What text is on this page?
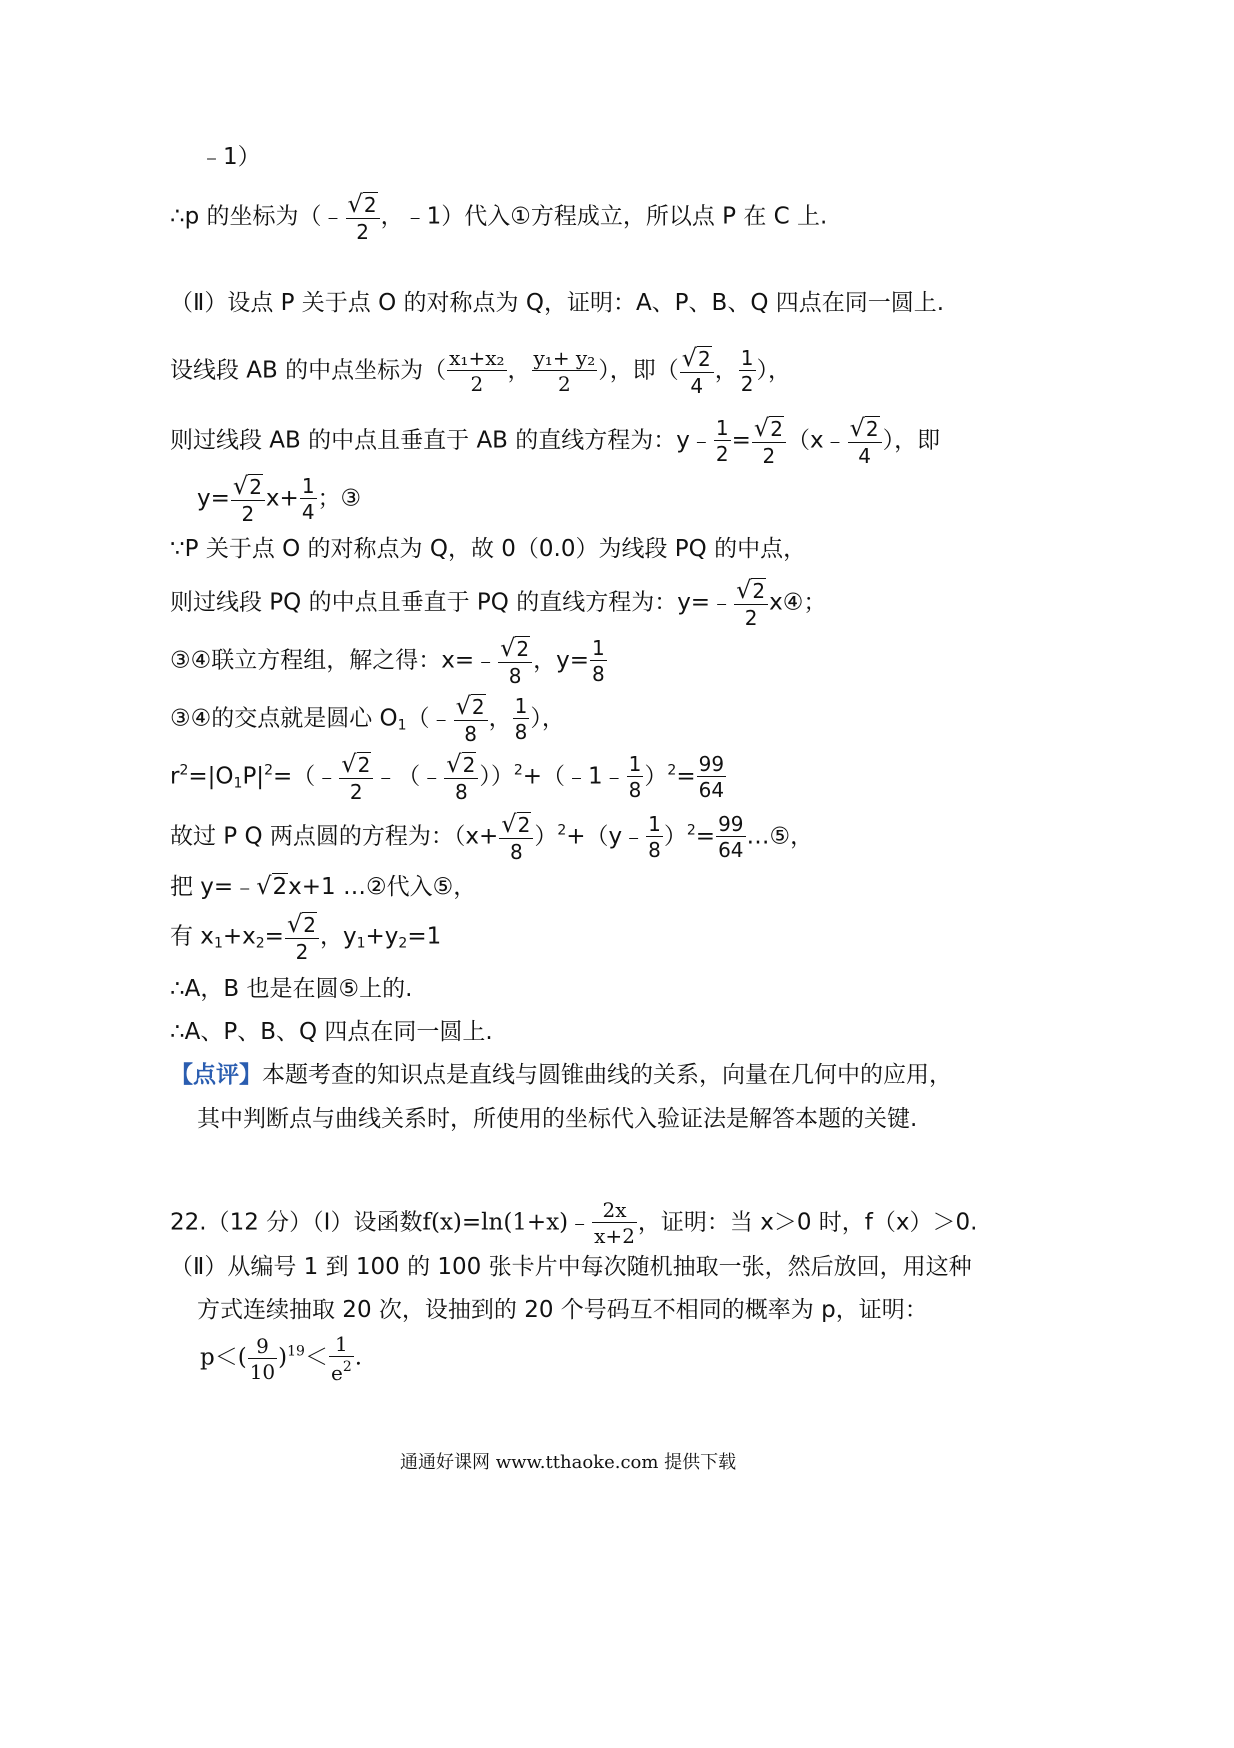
﹣1）
∴p 的坐标为（﹣ $\frac{√2}{2}$ ，﹣1）代入①方程成立，所以点 P 在 C 上.
（Ⅱ）设点 P 关于点 O 的对称点为 Q，证明：A、P、B、Q 四点在同一圆上.
设线段 AB 的中点坐标为（ $\frac{\text{x₁+x₂}}{2}$ ， $\frac{\text{y₁+ y₂}}{2}$ ），即（ $\frac{√2}{4}$ ， $\frac{1}{2}$ ），
则过线段 AB 的中点且垂直于 AB 的直线方程为：y﹣ $\frac{1}{2} = \frac{√2}{2}$ （x﹣ $\frac{√2}{4}$ ），即
$y= \frac{√2}{2} x+ \frac{1}{4}$ ；③
∵P 关于点 O 的对称点为 Q，故 0（0.0）为线段 PQ 的中点，
则过线段 PQ 的中点且垂直于 PQ 的直线方程为：y=﹣ $\frac{√2}{2}$ x④；
③④联立方程组，解之得：x=﹣ $\frac{√2}{8}$ ，$y= \frac{1}{8}$
③④的交点就是圆心 $O_1(﹣ \frac{√2}{8}$ ， $\frac{1}{8}$ ），
$r^2=|O_1P|^2=(﹣ \frac{√2}{2}$ ﹣（﹣ $\frac{√2}{8}$ ））$^2$+（﹣1﹣ $\frac{1}{8} )^2= \frac{99}{64}$
故过 P Q 两点圆的方程为：（$x+ \frac{√2}{8}$ ）$^2+(y﹣ \frac{1}{8} )^2= \frac{99}{64}$ …⑤，
把 y=﹣√2x+1 …②代入⑤，
有 $x_1+x_2= \frac{√2}{2}$ ，$y_1+y_2=1$
∴A，B 也是在圆⑤上的.
∴A、P、B、Q 四点在同一圆上.
【点评】本题考查的知识点是直线与圆锥曲线的关系，向量在几何中的应用，
其中判断点与曲线关系时，所使用的坐标代入验证法是解答本题的关键.
22.（12 分）（Ⅰ）设函数f(x)=ln(1+x)﹣ $\frac{2x}{x+2}$ ，证明：当 x＞0 时，f（x）＞0.
（Ⅱ）从编号 1 到 100 的 100 张卡片中每次随机抽取一张，然后放回，用这种
方式连续抽取 20 次，设抽到的 20 个号码互不相同的概率为 p，证明：
$p<( \frac{9}{10} )^{19}< \frac{1}{e^2}$ .
通通好课网 www.tthaoke.com 提供下载
